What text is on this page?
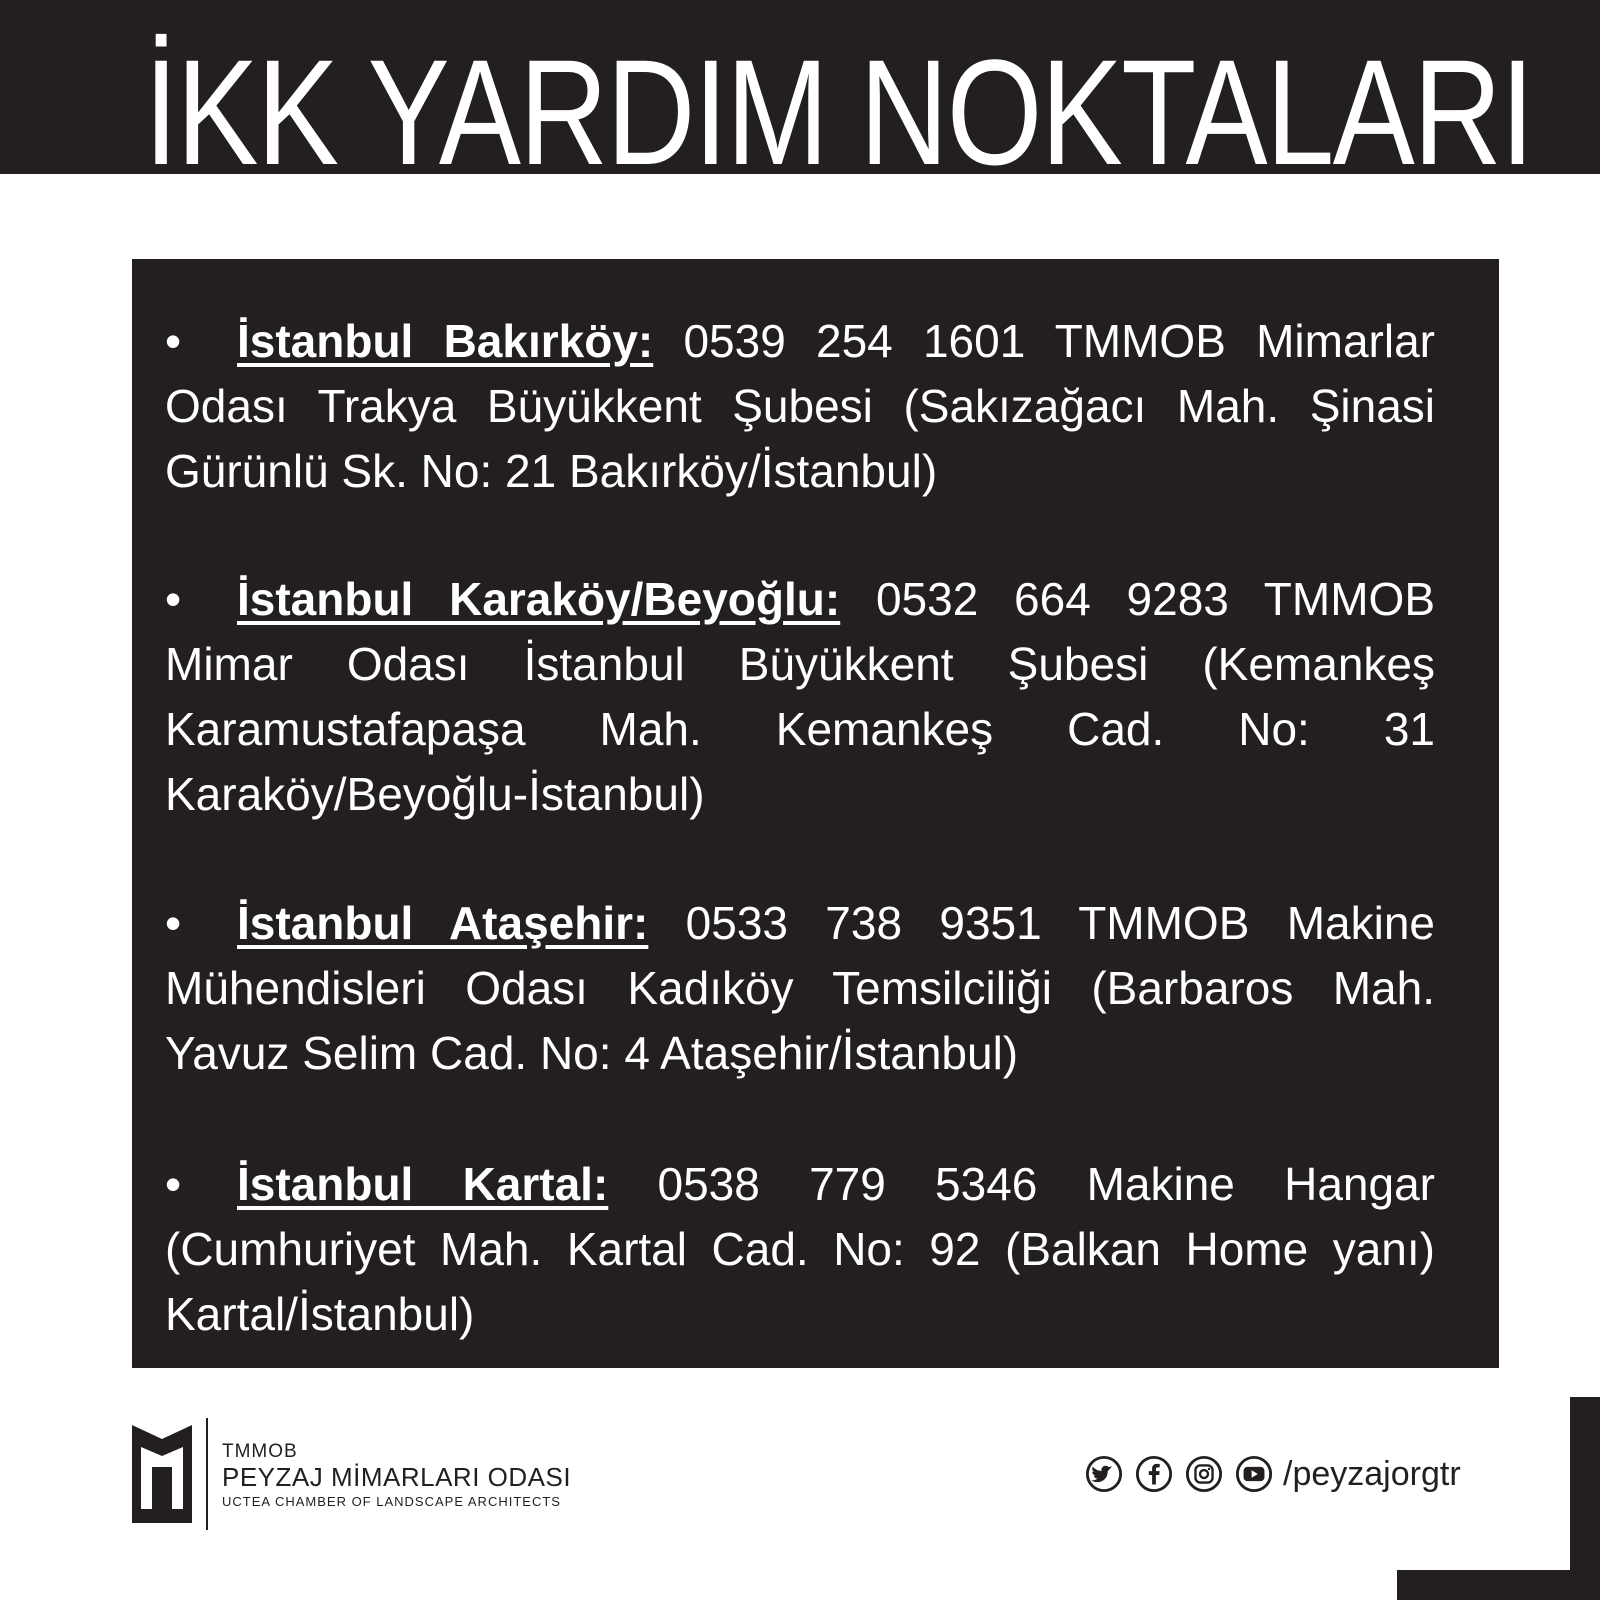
İKK YARDIM NOKTALARI
• İstanbul Bakırköy: 0539 254 1601 TMMOB Mimarlar Odası Trakya Büyükkent Şubesi (Sakızağacı Mah. Şinasi Gürünlü Sk. No: 21 Bakırköy/İstanbul)
• İstanbul Karaköy/Beyoğlu: 0532 664 9283 TMMOB Mimar Odası İstanbul Büyükkent Şubesi (Kemankeş Karamustafapaşa Mah. Kemankeş Cad. No: 31 Karaköy/Beyoğlu-İstanbul)
• İstanbul Ataşehir: 0533 738 9351 TMMOB Makine Mühendisleri Odası Kadıköy Temsilciliği (Barbaros Mah. Yavuz Selim Cad. No: 4 Ataşehir/İstanbul)
• İstanbul Kartal: 0538 779 5346 Makine Hangar (Cumhuriyet Mah. Kartal Cad. No: 92 (Balkan Home yanı) Kartal/İstanbul)
TMMOB
PEYZAJ MİMARLARI ODASI
UCTEA CHAMBER OF LANDSCAPE ARCHITECTS
/peyzajorgtr
